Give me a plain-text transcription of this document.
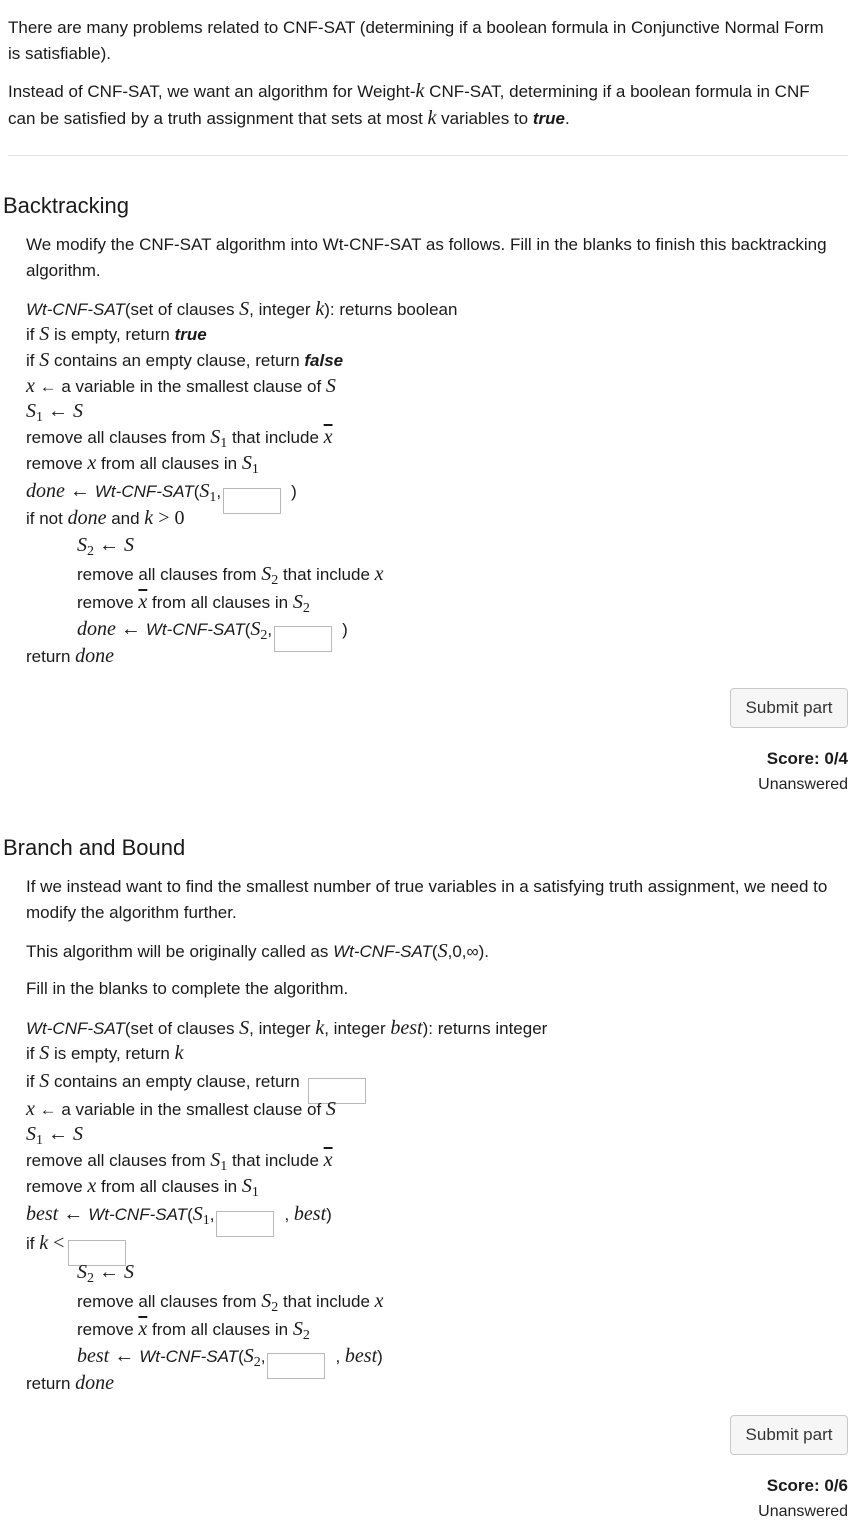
There are many problems related to CNF-SAT (determining if a boolean formula in Conjunctive Normal Form is satisfiable).
Instead of CNF-SAT, we want an algorithm for Weight-k CNF-SAT, determining if a boolean formula in CNF can be satisfied by a truth assignment that sets at most k variables to true.
Backtracking
We modify the CNF-SAT algorithm into Wt-CNF-SAT as follows. Fill in the blanks to finish this backtracking algorithm.
Wt-CNF-SAT(set of clauses S, integer k): returns boolean
if S is empty, return true
if S contains an empty clause, return false
x ← a variable in the smallest clause of S
$S_1$ ← S
remove all clauses from $S_1$ that include $\overline{x}$
remove x from all clauses in $S_1$
done ← $Wt-CNF-SAT(S_1$,	)
if not done and k > 0
$S_2$ ← S
remove all clauses from $S_2$ that include x
remove $\overline{x}$ from all clauses in $S_2$
done ← $Wt-CNF-SAT(S_2$,	)
return done
Submit part
Score: 0/4
Unanswered
Branch and Bound
If we instead want to find the smallest number of true variables in a satisfying truth assignment, we need to modify the algorithm further.
This algorithm will be originally called as Wt-CNF-SAT(S,0,∞).
Fill in the blanks to complete the algorithm.
Wt-CNF-SAT(set of clauses S, integer k, integer best): returns integer
if S is empty, return k
if S contains an empty clause, return
x ← a variable in the smallest clause of S
$S_1$ ← S
remove all clauses from $S_1$ that include $\overline{x}$
remove x from all clauses in $S_1$
best ← $Wt-CNF-SAT(S_1$,	, best)
if k <
$S_2$ ← S
remove all clauses from $S_2$ that include x
remove $\overline{x}$ from all clauses in $S_2$
best ← $Wt-CNF-SAT(S_2$,	, best)
return done
Submit part
Score: 0/6
Unanswered
